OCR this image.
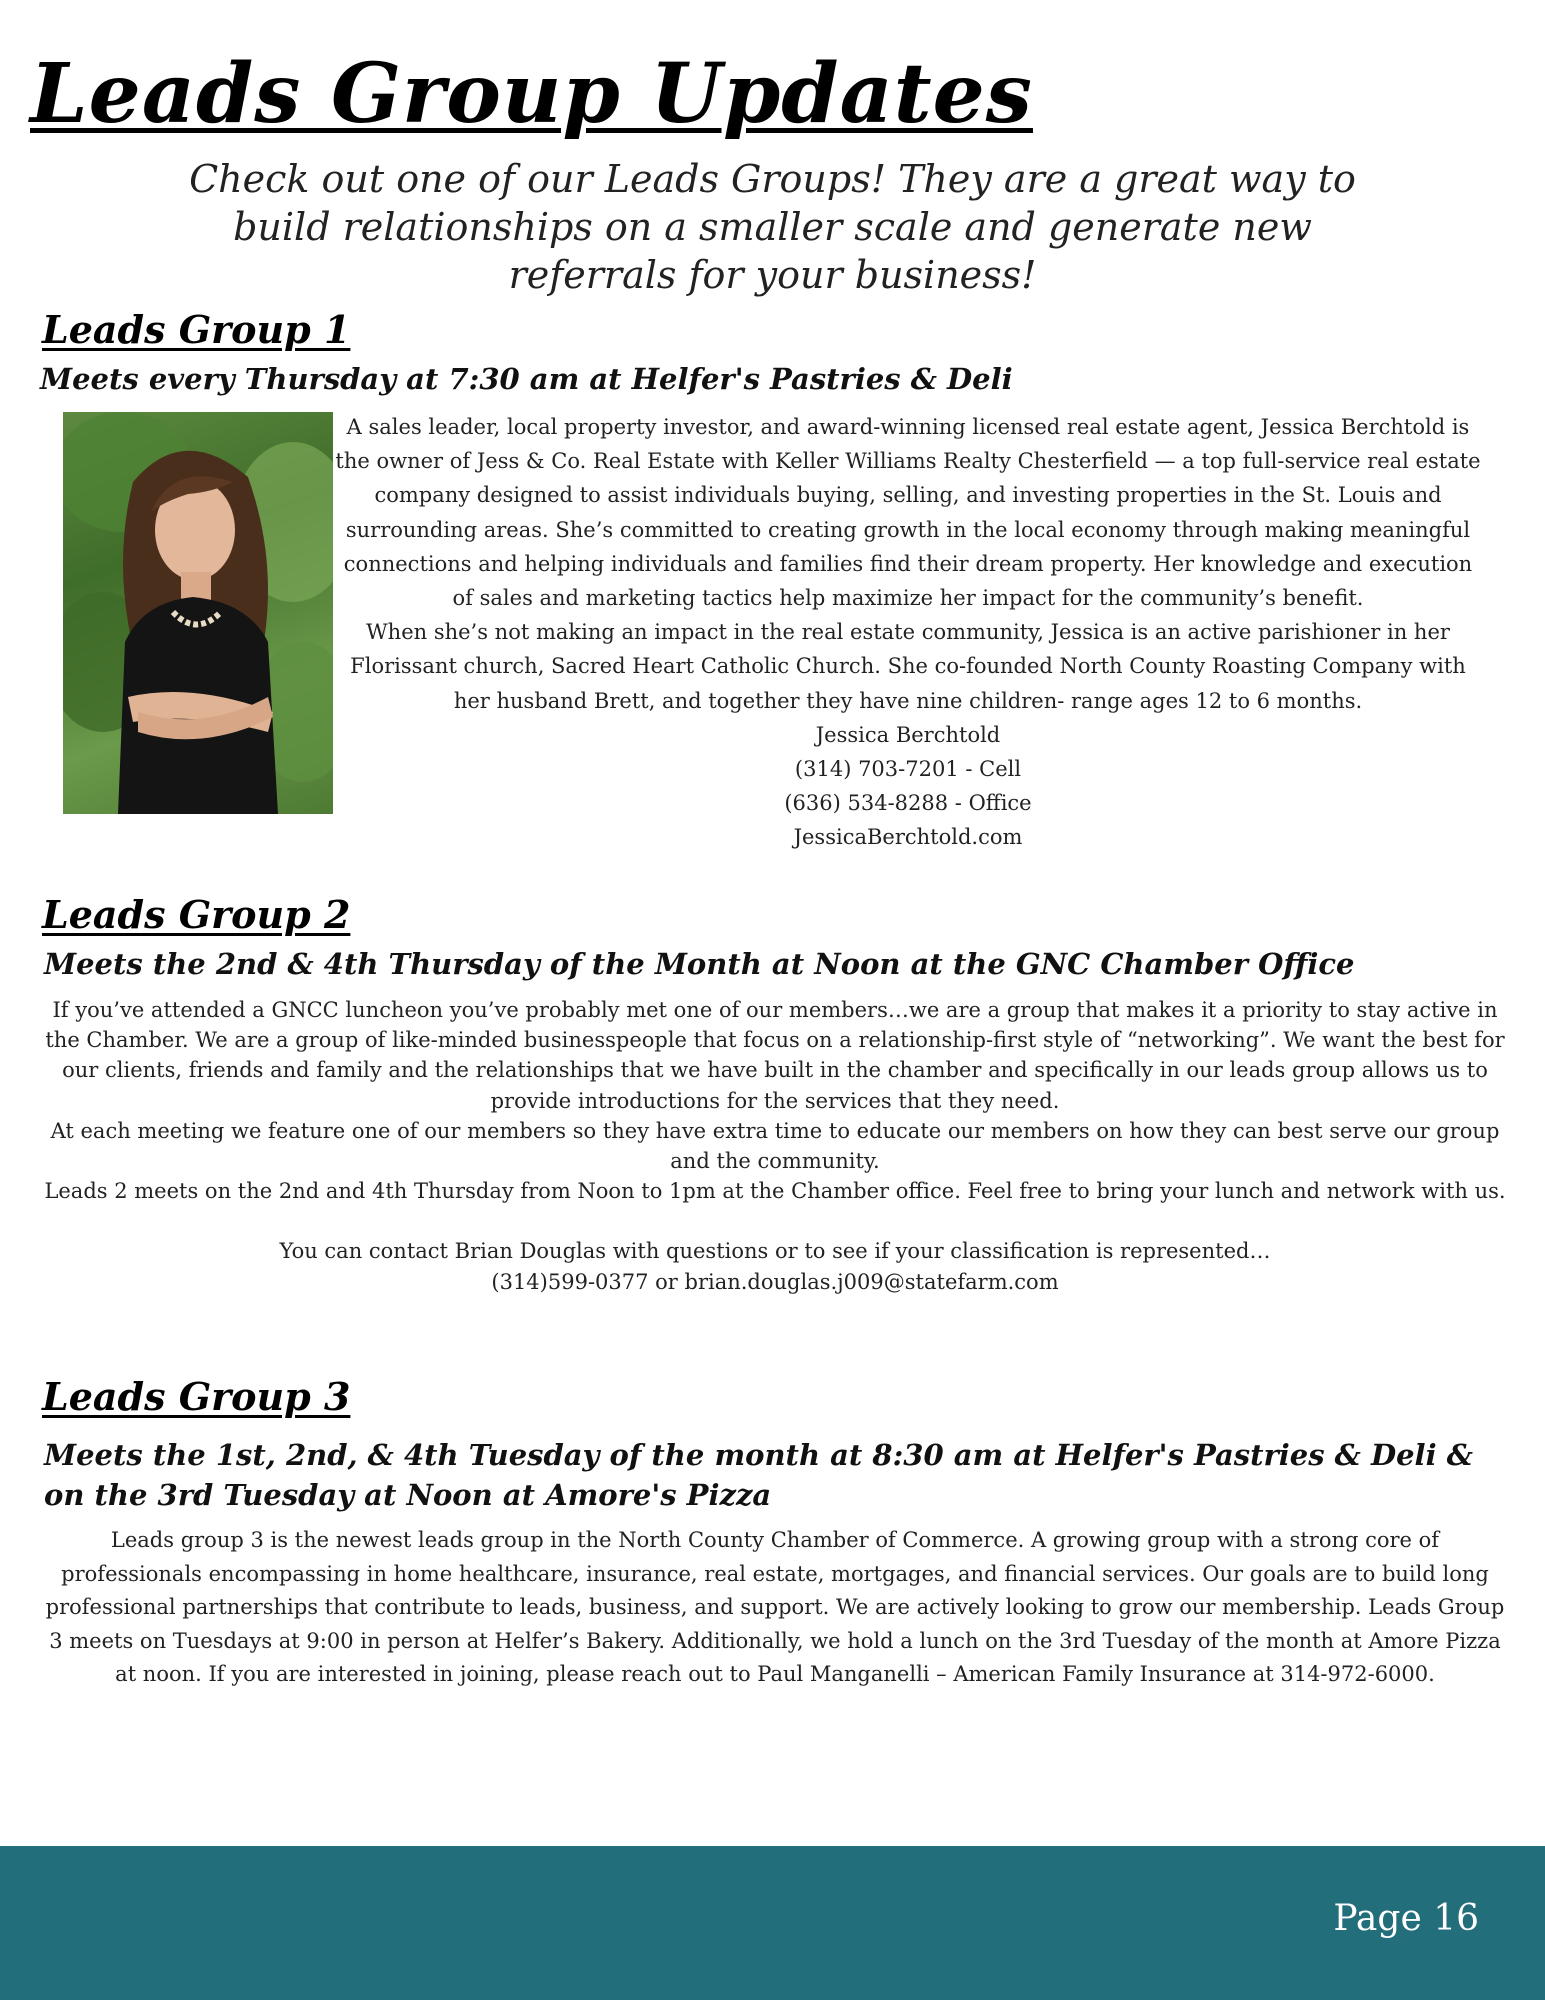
Leads Group Updates

Check out one of our Leads Groups! They are a great way to build relationships on a smaller scale and generate new referrals for your business!

Leads Group 1

Meets every Thursday at 7:30 am at Helfer's Pastries & Deli

A sales leader, local property investor, and award-winning licensed real estate agent, Jessica Berchtold is the owner of Jess & Co. Real Estate with Keller Williams Realty Chesterfield — a top full-service real estate company designed to assist individuals buying, selling, and investing properties in the St. Louis and surrounding areas. She’s committed to creating growth in the local economy through making meaningful connections and helping individuals and families find their dream property. Her knowledge and execution of sales and marketing tactics help maximize her impact for the community’s benefit.

When she’s not making an impact in the real estate community, Jessica is an active parishioner in her Florissant church, Sacred Heart Catholic Church. She co-founded North County Roasting Company with her husband Brett, and together they have nine children- range ages 12 to 6 months.

Jessica Berchtold

(314) 703-7201 - Cell

(636) 534-8288 - Office

JessicaBerchtold.com

Leads Group 2

Meets the 2nd & 4th Thursday of the Month at Noon at the GNC Chamber Office

If you’ve attended a GNCC luncheon you’ve probably met one of our members…we are a group that makes it a priority to stay active in the Chamber. We are a group of like-minded businesspeople that focus on a relationship-first style of “networking”. We want the best for our clients, friends and family and the relationships that we have built in the chamber and specifically in our leads group allows us to provide introductions for the services that they need.

At each meeting we feature one of our members so they have extra time to educate our members on how they can best serve our group and the community.

Leads 2 meets on the 2nd and 4th Thursday from Noon to 1pm at the Chamber office. Feel free to bring your lunch and network with us.

You can contact Brian Douglas with questions or to see if your classification is represented…

(314)599-0377 or brian.douglas.j009@statefarm.com

Leads Group 3

Meets the 1st, 2nd, & 4th Tuesday of the month at 8:30 am at Helfer's Pastries & Deli & on the 3rd Tuesday at Noon at Amore's Pizza

Leads group 3 is the newest leads group in the North County Chamber of Commerce. A growing group with a strong core of professionals encompassing in home healthcare, insurance, real estate, mortgages, and financial services. Our goals are to build long professional partnerships that contribute to leads, business, and support. We are actively looking to grow our membership. Leads Group 3 meets on Tuesdays at 9:00 in person at Helfer’s Bakery. Additionally, we hold a lunch on the 3rd Tuesday of the month at Amore Pizza at noon. If you are interested in joining, please reach out to Paul Manganelli – American Family Insurance at 314-972-6000.

Page 16
